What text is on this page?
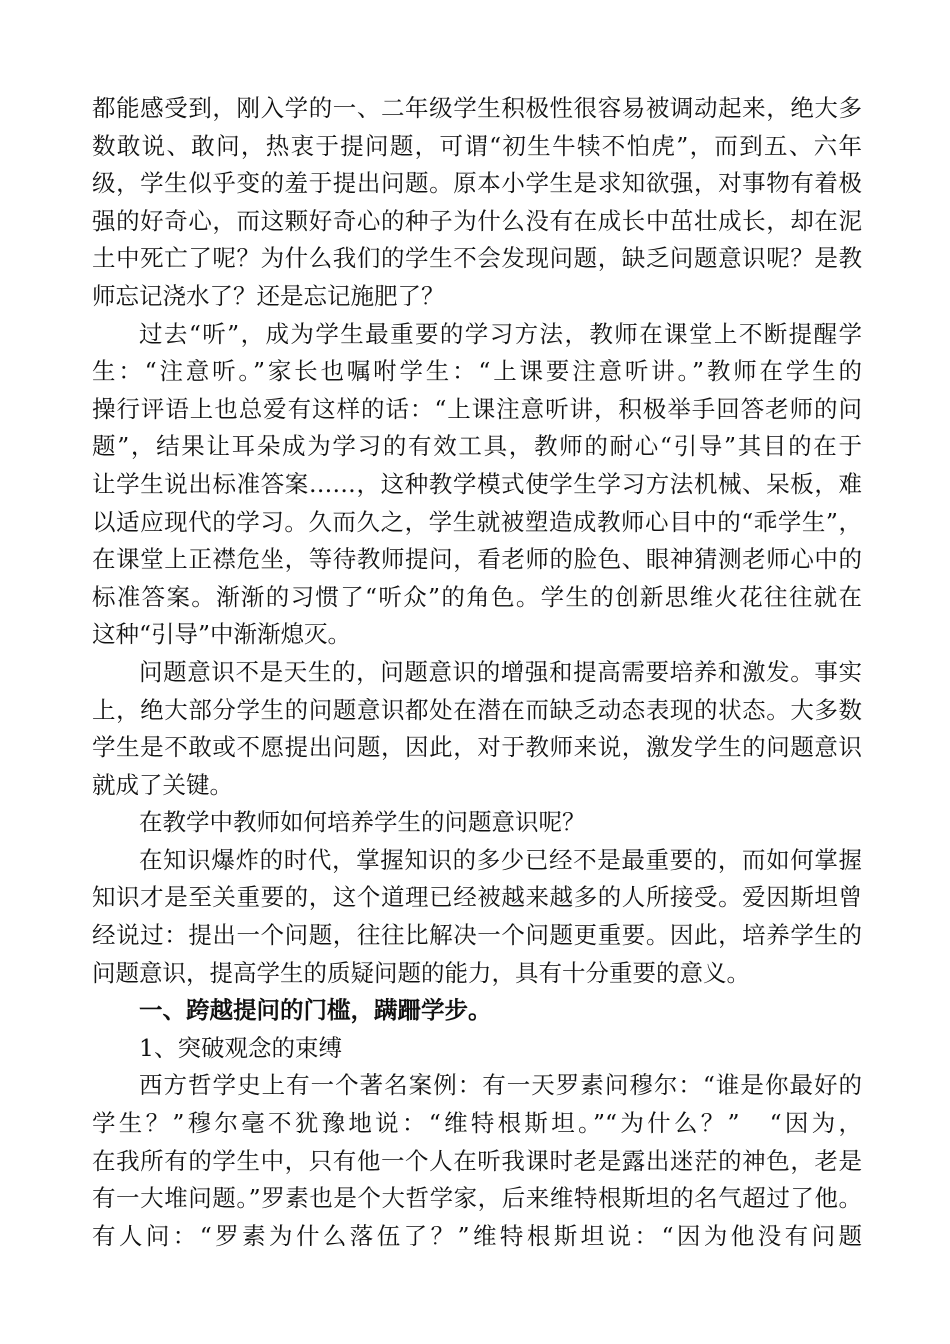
都能感受到，刚入学的一、二年级学生积极性很容易被调动起来，绝大多
数敢说、敢问，热衷于提问题，可谓“初生牛犊不怕虎”，而到五、六年
级，学生似乎变的羞于提出问题。原本小学生是求知欲强，对事物有着极
强的好奇心，而这颗好奇心的种子为什么没有在成长中茁壮成长，却在泥
土中死亡了呢？为什么我们的学生不会发现问题，缺乏问题意识呢？是教
师忘记浇水了？还是忘记施肥了？
过去“听”，成为学生最重要的学习方法，教师在课堂上不断提醒学
生：“注意听。”家长也嘱咐学生：“上课要注意听讲。”教师在学生的
操行评语上也总爱有这样的话：“上课注意听讲，积极举手回答老师的问
题”，结果让耳朵成为学习的有效工具，教师的耐心“引导”其目的在于
让学生说出标准答案……，这种教学模式使学生学习方法机械、呆板，难
以适应现代的学习。久而久之，学生就被塑造成教师心目中的“乖学生”，
在课堂上正襟危坐，等待教师提问，看老师的脸色、眼神猜测老师心中的
标准答案。渐渐的习惯了“听众”的角色。学生的创新思维火花往往就在
这种“引导”中渐渐熄灭。
问题意识不是天生的，问题意识的增强和提高需要培养和激发。事实
上，绝大部分学生的问题意识都处在潜在而缺乏动态表现的状态。大多数
学生是不敢或不愿提出问题，因此，对于教师来说，激发学生的问题意识
就成了关键。
在教学中教师如何培养学生的问题意识呢？
在知识爆炸的时代，掌握知识的多少已经不是最重要的，而如何掌握
知识才是至关重要的，这个道理已经被越来越多的人所接受。爱因斯坦曾
经说过：提出一个问题，往往比解决一个问题更重要。因此，培养学生的
问题意识，提高学生的质疑问题的能力，具有十分重要的意义。
一、跨越提问的门槛，蹒跚学步。
1、突破观念的束缚
西方哲学史上有一个著名案例：有一天罗素问穆尔：“谁是你最好的
学生？”穆尔毫不犹豫地说：“维特根斯坦。”“为什么？”　“因为，
在我所有的学生中，只有他一个人在听我课时老是露出迷茫的神色，老是
有一大堆问题。”罗素也是个大哲学家，后来维特根斯坦的名气超过了他。
有人问：“罗素为什么落伍了？”维特根斯坦说：“因为他没有问题
